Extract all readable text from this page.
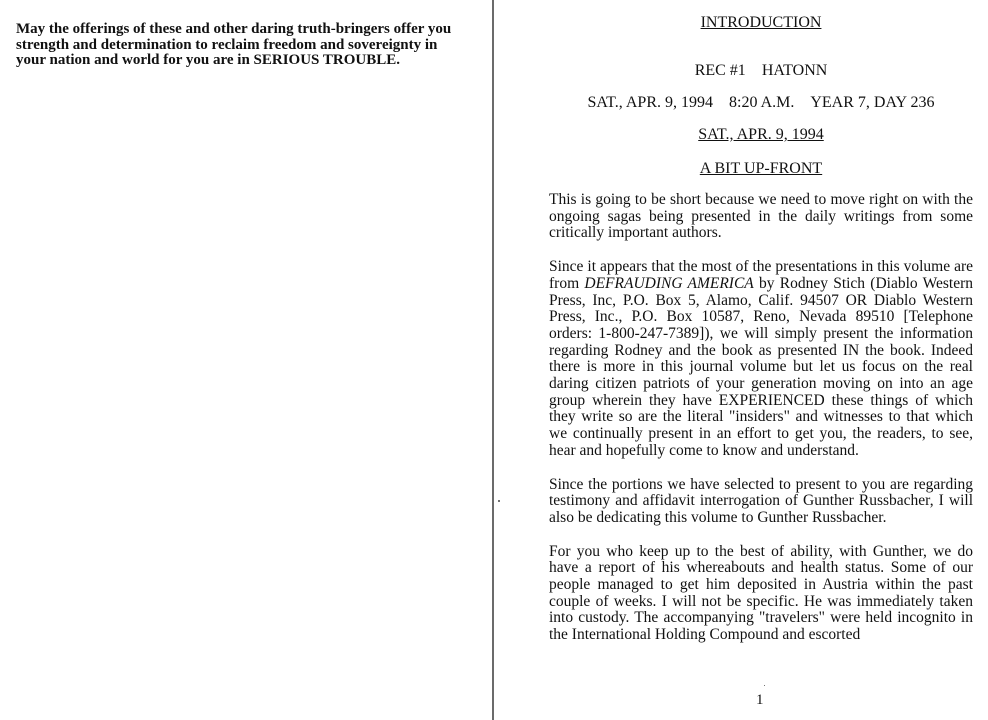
May the offerings of these and other daring truth-bringers offer you strength and determination to reclaim freedom and sovereignty in your nation and world for you are in SERIOUS TROUBLE.

INTRODUCTION

REC #1 HATONN

SAT., APR. 9, 1994 8:20 A.M. YEAR 7, DAY 236

SAT., APR. 9, 1994

A BIT UP-FRONT

This is going to be short because we need to move right on with the ongoing sagas being presented in the daily writings from some critically important authors.

Since it appears that the most of the presentations in this volume are from DEFRAUDING AMERICA by Rodney Stich (Diablo Western Press, Inc, P.O. Box 5, Alamo, Calif. 94507 OR Diablo Western Press, Inc., P.O. Box 10587, Reno, Nevada 89510 [Telephone orders: 1-800-247-7389]), we will simply present the information regarding Rodney and the book as presented IN the book. Indeed there is more in this journal volume but let us focus on the real daring citizen patriots of your generation moving on into an age group wherein they have EXPERIENCED these things of which they write so are the literal "insiders" and witnesses to that which we continually present in an effort to get you, the readers, to see, hear and hopefully come to know and understand.

Since the portions we have selected to present to you are regarding testimony and affidavit interrogation of Gunther Russbacher, I will also be dedicating this volume to Gunther Russbacher.

For you who keep up to the best of ability, with Gunther, we do have a report of his whereabouts and health status. Some of our people managed to get him deposited in Austria within the past couple of weeks. I will not be specific. He was immediately taken into custody. The accompanying "travelers" were held incognito in the International Holding Compound and escorted

1
